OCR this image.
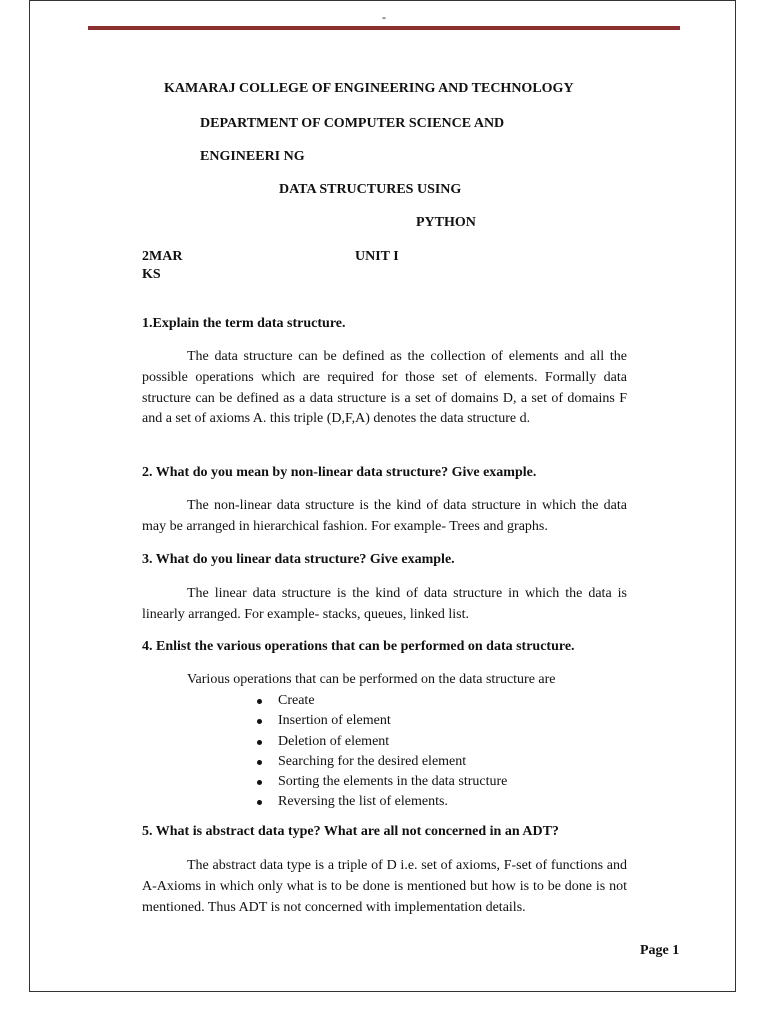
-
KAMARAJ COLLEGE OF ENGINEERING AND TECHNOLOGY
DEPARTMENT OF COMPUTER SCIENCE AND
ENGINEERI NG
DATA STRUCTURES USING
PYTHON
2MAR
KS
UNIT I

1.Explain the term data structure.

The data structure can be defined as the collection of elements and all the possible operations which are required for those set of elements. Formally data structure can be defined as a data structure is a set of domains D, a set of domains F and a set of axioms A. this triple (D,F,A) denotes the data structure d.

2. What do you mean by non-linear data structure? Give example.

The non-linear data structure is the kind of data structure in which the data may be arranged in hierarchical fashion. For example- Trees and graphs.

3. What do you linear data structure? Give example.

The linear data structure is the kind of data structure in which the data is linearly arranged. For example- stacks, queues, linked list.

4. Enlist the various operations that can be performed on data structure.

Various operations that can be performed on the data structure are

Create
Insertion of element
Deletion of element
Searching for the desired element
Sorting the elements in the data structure
Reversing the list of elements.

5. What is abstract data type? What are all not concerned in an ADT?

The abstract data type is a triple of D i.e. set of axioms, F-set of functions and A-Axioms in which only what is to be done is mentioned but how is to be done is not mentioned. Thus ADT is not concerned with implementation details.

Page 1
